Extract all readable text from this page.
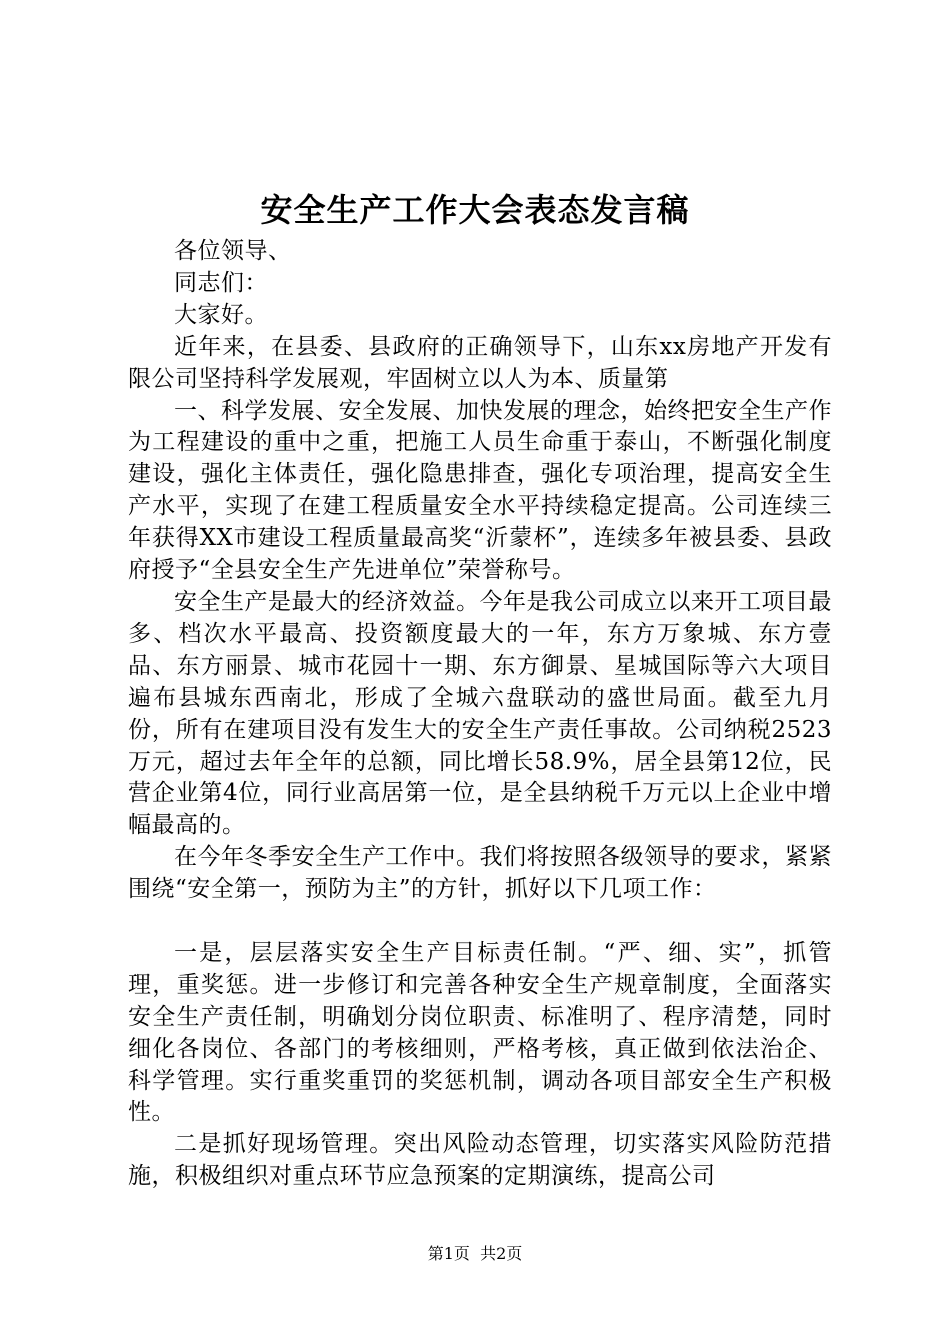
安全生产工作大会表态发言稿

各位领导、

同志们：

大家好。

近年来，在县委、县政府的正确领导下，山东xx房地产开发有限公司坚持科学发展观，牢固树立以人为本、质量第

一、科学发展、安全发展、加快发展的理念，始终把安全生产作为工程建设的重中之重，把施工人员生命重于泰山，不断强化制度建设，强化主体责任，强化隐患排查，强化专项治理，提高安全生产水平，实现了在建工程质量安全水平持续稳定提高。公司连续三年获得XX市建设工程质量最高奖“沂蒙杯”，连续多年被县委、县政府授予“全县安全生产先进单位”荣誉称号。

安全生产是最大的经济效益。今年是我公司成立以来开工项目最多、档次水平最高、投资额度最大的一年，东方万象城、东方壹品、东方丽景、城市花园十一期、东方御景、星城国际等六大项目遍布县城东西南北，形成了全城六盘联动的盛世局面。截至九月份，所有在建项目没有发生大的安全生产责任事故。公司纳税2523万元，超过去年全年的总额，同比增长58.9%，居全县第12位，民营企业第4位，同行业高居第一位，是全县纳税千万元以上企业中增幅最高的。

在今年冬季安全生产工作中。我们将按照各级领导的要求，紧紧围绕“安全第一，预防为主”的方针，抓好以下几项工作：

一是，层层落实安全生产目标责任制。“严、细、实”，抓管理，重奖惩。进一步修订和完善各种安全生产规章制度，全面落实安全生产责任制，明确划分岗位职责、标准明了、程序清楚，同时细化各岗位、各部门的考核细则，严格考核，真正做到依法治企、科学管理。实行重奖重罚的奖惩机制，调动各项目部安全生产积极性。

二是抓好现场管理。突出风险动态管理，切实落实风险防范措施，积极组织对重点环节应急预案的定期演练，提高公司

第1页 共2页
